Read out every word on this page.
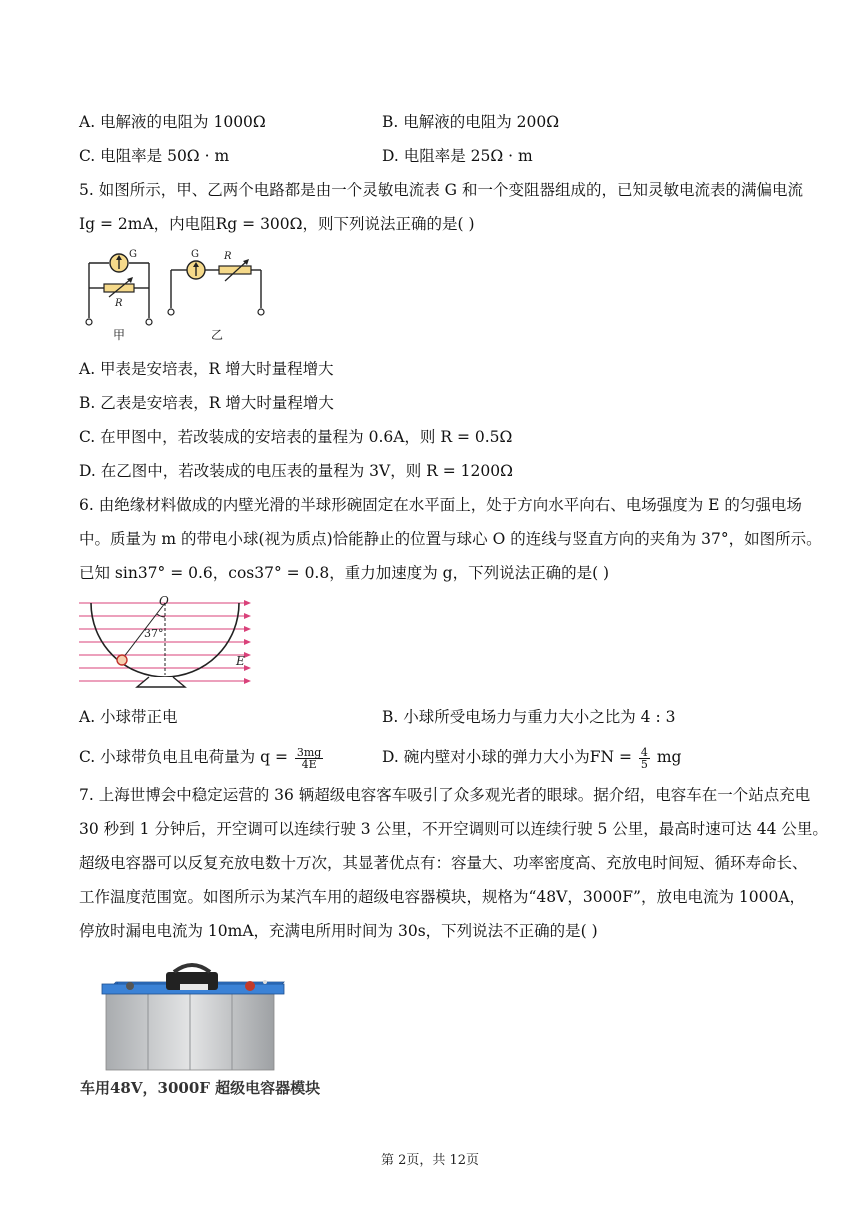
A. 电解液的电阻为 1000Ω	B. 电解液的电阻为 200Ω
C. 电阻率是 50Ω · m	D. 电阻率是 25Ω · m
5. 如图所示，甲、乙两个电路都是由一个灵敏电流表 G 和一个变阻器组成的，已知灵敏电流表的满偏电流
Ig = 2mA，内电阻Rg = 300Ω，则下列说法正确的是( )
G
R
甲
G	R
乙
A. 甲表是安培表，R 增大时量程增大
B. 乙表是安培表，R 增大时量程增大
C. 在甲图中，若改装成的安培表的量程为 0.6A，则 R = 0.5Ω
D. 在乙图中，若改装成的电压表的量程为 3V，则 R = 1200Ω
6. 由绝缘材料做成的内壁光滑的半球形碗固定在水平面上，处于方向水平向右、电场强度为 E 的匀强电场
中。质量为 m 的带电小球(视为质点)恰能静止的位置与球心 O 的连线与竖直方向的夹角为 37°，如图所示。
已知 sin37° = 0.6，cos37° = 0.8，重力加速度为 g，下列说法正确的是( )
O
37°
E
A. 小球带正电	B. 小球所受电场力与重力大小之比为 4 : 3
C. 小球带负电且电荷量为 $q = \frac{3mg}{4E}$	D. 碗内壁对小球的弹力大小为FN = $\frac{4}{5}$ mg
7. 上海世博会中稳定运营的 36 辆超级电容客车吸引了众多观光者的眼球。据介绍，电容车在一个站点充电
30 秒到 1 分钟后，开空调可以连续行驶 3 公里，不开空调则可以连续行驶 5 公里，最高时速可达 44 公里。
超级电容器可以反复充放电数十万次，其显著优点有：容量大、功率密度高、充放电时间短、循环寿命长、
工作温度范围宽。如图所示为某汽车用的超级电容器模块，规格为“48V，3000F”，放电电流为 1000A，
停放时漏电电流为 10mA，充满电所用时间为 30s，下列说法不正确的是( )
车用48V，3000F 超级电容器模块
第 2页，共 12页
